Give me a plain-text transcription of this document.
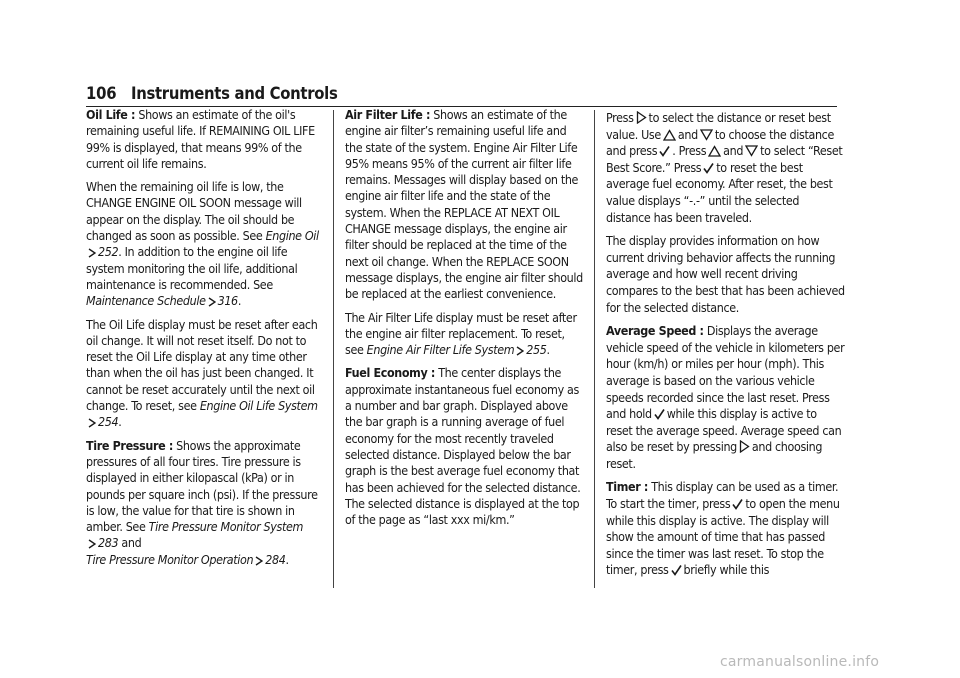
106 Instruments and Controls

Oil Life : Shows an estimate of the oil's remaining useful life. If REMAINING OIL LIFE 99% is displayed, that means 99% of the current oil life remains.

When the remaining oil life is low, the CHANGE ENGINE OIL SOON message will appear on the display. The oil should be changed as soon as possible. See Engine Oil

252. In addition to the engine oil life system monitoring the oil life, additional maintenance is recommended. See Maintenance Schedule 316.

The Oil Life display must be reset after each oil change. It will not reset itself. Do not to reset the Oil Life display at any time other than when the oil has just been changed. It cannot be reset accurately until the next oil change. To reset, see Engine Oil Life System
254.

Tire Pressure : Shows the approximate pressures of all four tires. Tire pressure is displayed in either kilopascal (kPa) or in pounds per square inch (psi). If the pressure is low, the value for that tire is shown in amber. See Tire Pressure Monitor System

283 and
Tire Pressure Monitor Operation 284.

Air Filter Life : Shows an estimate of the engine air filter’s remaining useful life and the state of the system. Engine Air Filter Life 95% means 95% of the current air filter life remains. Messages will display based on the engine air filter life and the state of the system. When the REPLACE AT NEXT OIL CHANGE message displays, the engine air filter should be replaced at the time of the next oil change. When the REPLACE SOON message displays, the engine air filter should be replaced at the earliest convenience.

The Air Filter Life display must be reset after the engine air filter replacement. To reset, see Engine Air Filter Life System 255.

Fuel Economy : The center displays the approximate instantaneous fuel economy as a number and bar graph. Displayed above the bar graph is a running average of fuel economy for the most recently traveled selected distance. Displayed below the bar graph is the best average fuel economy that has been achieved for the selected distance. The selected distance is displayed at the top of the page as “last xxx mi/km.”

Press to select the distance or reset best value. Use and to choose the distance and press . Press and to select “Reset Best Score.” Press to reset the best average fuel economy. After reset, the best value displays “-.-” until the selected distance has been traveled.

The display provides information on how current driving behavior affects the running average and how well recent driving compares to the best that has been achieved for the selected distance.

Average Speed : Displays the average vehicle speed of the vehicle in kilometers per hour (km/h) or miles per hour (mph). This average is based on the various vehicle speeds recorded since the last reset. Press and hold while this display is active to reset the average speed. Average speed can also be reset by pressing and choosing reset.

Timer : This display can be used as a timer. To start the timer, press to open the menu while this display is active. The display will show the amount of time that has passed since the timer was last reset. To stop the timer, press briefly while this

carmanualsonline.info
